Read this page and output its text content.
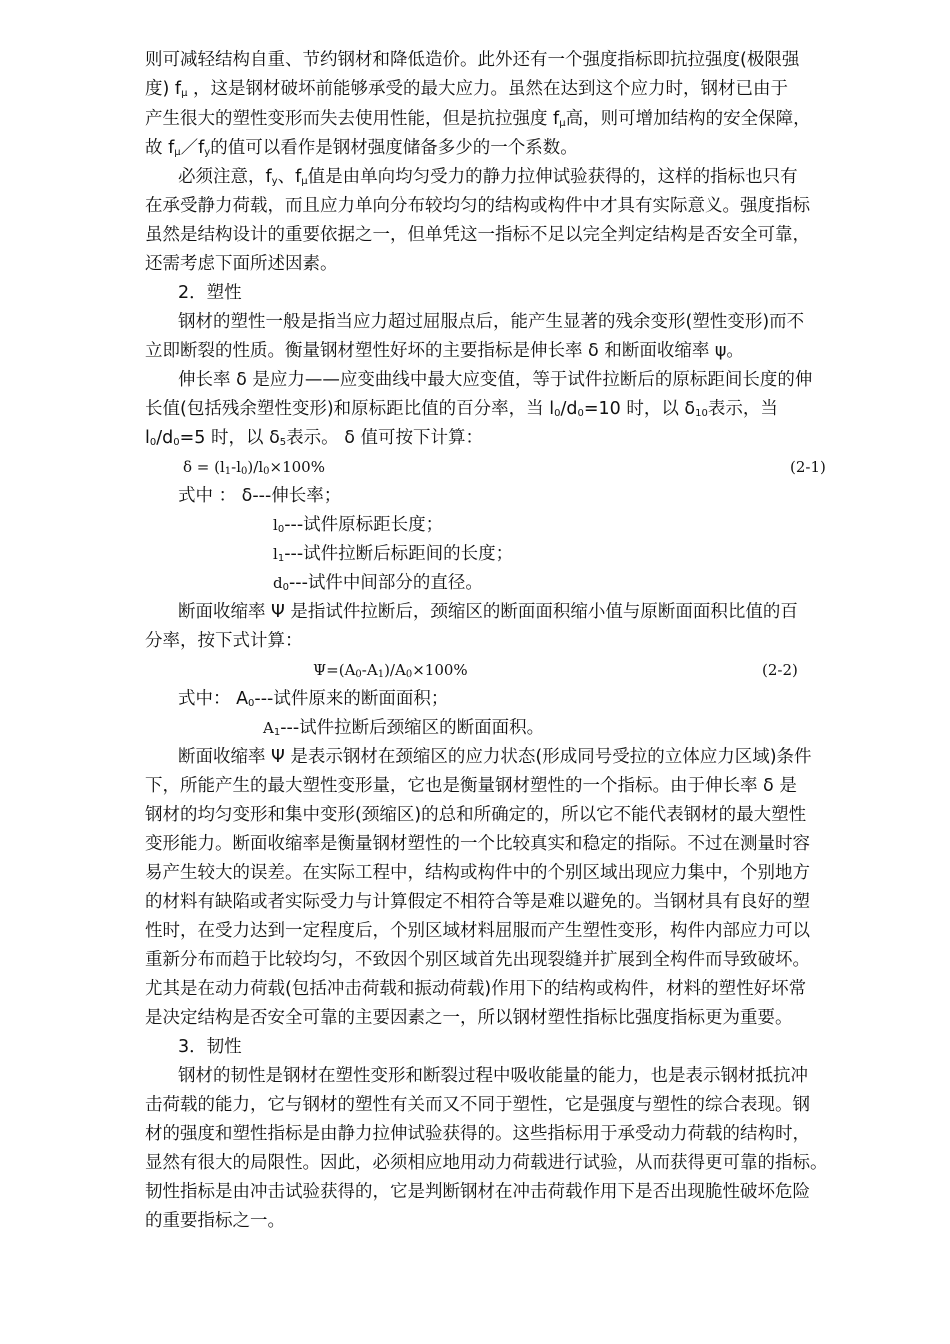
则可减轻结构自重、节约钢材和降低造价。此外还有一个强度指标即抗拉强度(极限强
度) $f_\mu$ ，这是钢材破坏前能够承受的最大应力。虽然在达到这个应力时，钢材已由于
产生很大的塑性变形而失去使用性能，但是抗拉强度 $f_\mu$高，则可增加结构的安全保障，
故 $f_\mu/f_y$的值可以看作是钢材强度储备多少的一个系数。
必须注意，$f_y$、$f_\mu$值是由单向均匀受力的静力拉伸试验获得的，这样的指标也只有
在承受静力荷载，而且应力单向分布较均匀的结构或构件中才具有实际意义。强度指标
虽然是结构设计的重要依据之一，但单凭这一指标不足以完全判定结构是否安全可靠，
还需考虑下面所述因素。
2．塑性
钢材的塑性一般是指当应力超过屈服点后，能产生显著的残余变形(塑性变形)而不
立即断裂的性质。衡量钢材塑性好坏的主要指标是伸长率 δ 和断面收缩率 ψ。
伸长率 δ 是应力——应变曲线中最大应变值，等于试件拉断后的原标距间长度的伸
长值(包括残余塑性变形)和原标距比值的百分率，当 $l_0/d_0=10$ 时，以 $\delta_{10}$表示，当
$l_0/d_0=5$ 时，以 $\delta_5$表示。 δ 值可按下计算：
$\delta = (l_1-l_0)/l_0\times 100\%$	(2-1)
式中 ： δ---伸长率；
$l_0---$试件原标距长度；
$l_1---$试件拉断后标距间的长度；
$d_0---$试件中间部分的直径。
断面收缩率 Ψ 是指试件拉断后，颈缩区的断面面积缩小值与原断面面积比值的百
分率，按下式计算：
$\Psi=(A_0-A_1)/A_0\times 100\%$	(2-2)
式中： $A_0---$试件原来的断面面积；
$A_1---$试件拉断后颈缩区的断面面积。
断面收缩率 Ψ 是表示钢材在颈缩区的应力状态(形成同号受拉的立体应力区域)条件
下，所能产生的最大塑性变形量，它也是衡量钢材塑性的一个指标。由于伸长率 δ 是
钢材的均匀变形和集中变形(颈缩区)的总和所确定的，所以它不能代表钢材的最大塑性
变形能力。断面收缩率是衡量钢材塑性的一个比较真实和稳定的指际。不过在测量时容
易产生较大的误差。在实际工程中，结构或构件中的个别区域出现应力集中，个别地方
的材料有缺陷或者实际受力与计算假定不相符合等是难以避免的。当钢材具有良好的塑
性时，在受力达到一定程度后，个别区域材料屈服而产生塑性变形，构件内部应力可以
重新分布而趋于比较均匀，不致因个别区域首先出现裂缝并扩展到全构件而导致破坏。
尤其是在动力荷载(包括冲击荷载和振动荷载)作用下的结构或构件，材料的塑性好坏常
是决定结构是否安全可靠的主要因素之一，所以钢材塑性指标比强度指标更为重要。
3．韧性
钢材的韧性是钢材在塑性变形和断裂过程中吸收能量的能力，也是表示钢材抵抗冲
击荷载的能力，它与钢材的塑性有关而又不同于塑性，它是强度与塑性的综合表现。钢
材的强度和塑性指标是由静力拉伸试验获得的。这些指标用于承受动力荷载的结构时，
显然有很大的局限性。因此，必须相应地用动力荷载进行试验，从而获得更可靠的指标。
韧性指标是由冲击试验获得的，它是判断钢材在冲击荷载作用下是否出现脆性破坏危险
的重要指标之一。
